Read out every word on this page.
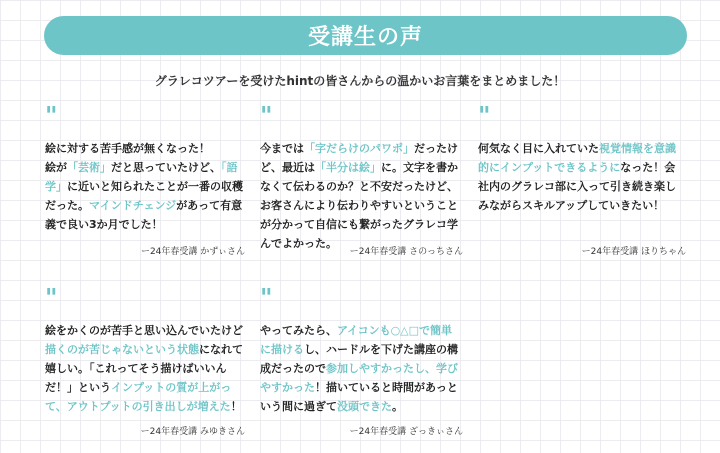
受講生の声
グラレコツアーを受けたhintの皆さんからの温かいお言葉をまとめました！
"
絵に対する苦手感が無くなった！
絵が「芸術」だと思っていたけど、「語学」に近いと知られたことが一番の収穫だった。マインドチェンジがあって有意義で良い3か月でした！
ー24年春受講 かずぃさん
"
今までは「字だらけのパワポ」だったけど、最近は「半分は絵」に。文字を書かなくて伝わるのか？と不安だったけど、お客さんにより伝わりやすいということが分かって自信にも繋がったグラレコ学んでよかった。
ー24年春受講 さのっちさん
"
何気なく目に入れていた視覚情報を意識的にインプットできるようになった！会社内のグラレコ部に入って引き続き楽しみながらスキルアップしていきたい！
ー24年春受講 ほりちゃん
"
絵をかくのが苦手と思い込んでいたけど描くのが苦じゃないという状態になれて嬉しい。「これってそう描けばいいんだ！」というインプットの質が上がって、アウトプットの引き出しが増えた！
ー24年春受講 みゆきさん
"
やってみたら、アイコンも○△□で簡単に描けるし、ハードルを下げた講座の構成だったので参加しやすかったし、学びやすかった！描いていると時間があっという間に過ぎて没頭できた。
ー24年春受講 ざっきぃさん
